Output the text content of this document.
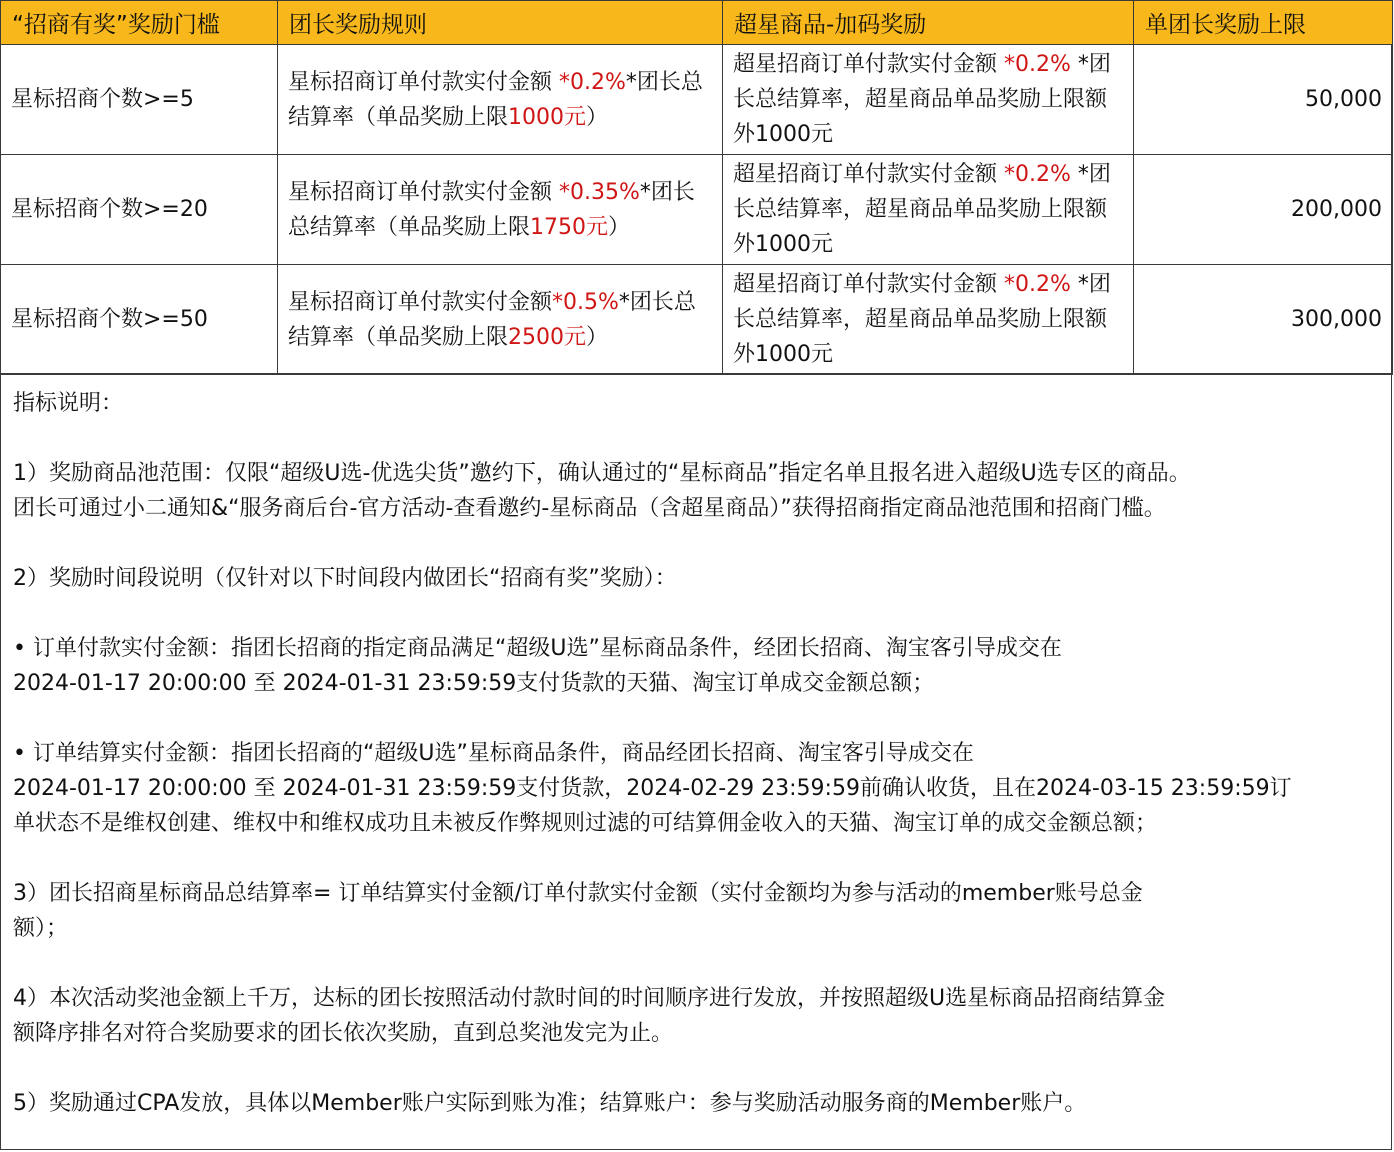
“招商有奖”奖励门槛	团长奖励规则	超星商品-加码奖励	单团长奖励上限
星标招商个数>=5	星标招商订单付款实付金额 *0.2%*团长总结算率（单品奖励上限1000元）	超星招商订单付款实付金额 *0.2% *团长总结算率，超星商品单品奖励上限额外1000元	50,000
星标招商个数>=20	星标招商订单付款实付金额 *0.35%*团长总结算率（单品奖励上限1750元）	超星招商订单付款实付金额 *0.2% *团长总结算率，超星商品单品奖励上限额外1000元	200,000
星标招商个数>=50	星标招商订单付款实付金额*0.5%*团长总结算率（单品奖励上限2500元）	超星招商订单付款实付金额 *0.2% *团长总结算率，超星商品单品奖励上限额外1000元	300,000

指标说明：

1）奖励商品池范围：仅限“超级U选-优选尖货”邀约下，确认通过的“星标商品”指定名单且报名进入超级U选专区的商品。

团长可通过小二通知&“服务商后台-官方活动-查看邀约-星标商品（含超星商品）”获得招商指定商品池范围和招商门槛。

2）奖励时间段说明（仅针对以下时间段内做团长“招商有奖”奖励）：

• 订单付款实付金额：指团长招商的指定商品满足“超级U选”星标商品条件，经团长招商、淘宝客引导成交在

2024-01-17 20:00:00 至 2024-01-31 23:59:59支付货款的天猫、淘宝订单成交金额总额；

• 订单结算实付金额：指团长招商的“超级U选”星标商品条件，商品经团长招商、淘宝客引导成交在

2024-01-17 20:00:00 至 2024-01-31 23:59:59支付货款，2024-02-29 23:59:59前确认收货，且在2024-03-15 23:59:59订

单状态不是维权创建、维权中和维权成功且未被反作弊规则过滤的可结算佣金收入的天猫、淘宝订单的成交金额总额；

3）团长招商星标商品总结算率= 订单结算实付金额/订单付款实付金额（实付金额均为参与活动的member账号总金

额）；

4）本次活动奖池金额上千万，达标的团长按照活动付款时间的时间顺序进行发放，并按照超级U选星标商品招商结算金

额降序排名对符合奖励要求的团长依次奖励，直到总奖池发完为止。

5）奖励通过CPA发放，具体以Member账户实际到账为准；结算账户：参与奖励活动服务商的Member账户。
